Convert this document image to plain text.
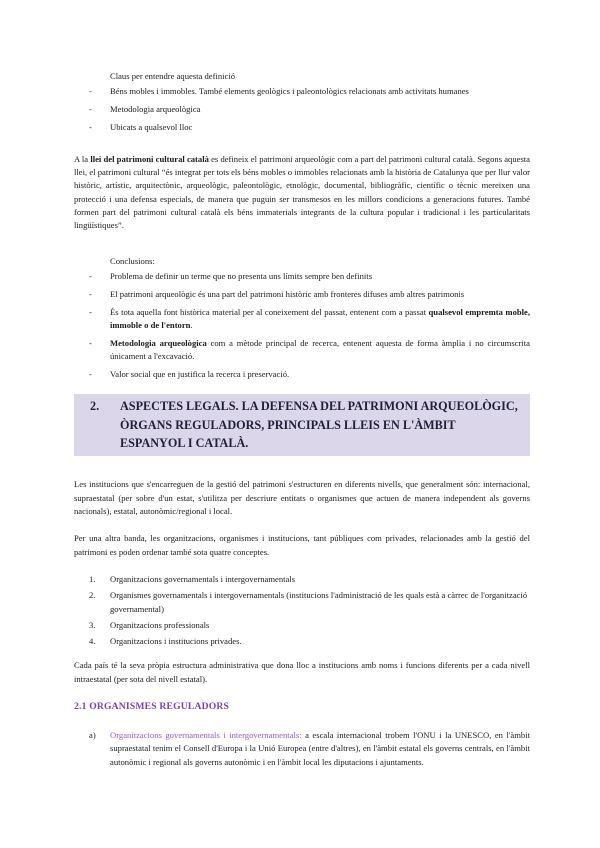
Claus per entendre aquesta definició

- Béns mobles i immobles. També elements geològics i paleontològics relacionats amb activitats humanes
- Metodologia arqueològica
- Ubicats a qualsevol lloc

A la llei del patrimoni cultural català es defineix el patrimoni arqueològic com a part del patrimoni cultural català. Segons aquesta llei, el patrimoni cultural “és integrat per tots els béns mobles o immobles relacionats amb la història de Catalunya que per llur valor històric, artístic, arquitectònic, arqueològic, paleontològic, etnològic, documental, bibliogràfic, científic o tècnic mereixen una protecció i una defensa especials, de manera que puguin ser transmesos en les millors condicions a generacions futures. També formen part del patrimoni cultural català els béns immaterials integrants de la cultura popular i tradicional i les particularitats lingüístiques”.

Conclusions:

- Problema de definir un terme que no presenta uns límits sempre ben definits
- El patrimoni arqueològic és una part del patrimoni històric amb fronteres difuses amb altres patrimonis
- És tota aquella font històrica material per al coneixement del passat, entenent com a passat qualsevol empremta moble, immoble o de l'entorn.
- Metodologia arqueològica com a mètode principal de recerca, entenent aquesta de forma àmplia i no circumscrita únicament a l'excavació.
- Valor social que en justifica la recerca i preservació.
2.	ASPECTES LEGALS. LA DEFENSA DEL PATRIMONI ARQUEOLÒGIC, ÒRGANS REGULADORS, PRINCIPALS LLEIS EN L'ÀMBIT ESPANYOL I CATALÀ.

Les institucions que s'encarreguen de la gestió del patrimoni s'estructuren en diferents nivells, que generalment són: internacional, supraestatal (per sobre d'un estat, s'utilitza per descriure entitats o organismes que actuen de manera independent als governs nacionals), estatal, autonòmic/regional i local.

Per una altra banda, les organitzacions, organismes i institucions, tant públiques com privades, relacionades amb la gestió del patrimoni es poden ordenar també sota quatre conceptes.

1. Organitzacions governamentals i intergovernamentals
2. Organismes governamentals i intergovernamentals (institucions l'administració de les quals està a càrrec de l'organització governamental)
3. Organitzacions professionals
4. Organitzacions i institucions privades.

Cada país té la seva pròpia estructura administrativa que dona lloc a institucions amb noms i funcions diferents per a cada nivell intraestatal (per sota del nivell estatal).

2.1 ORGANISMES REGULADORS

a) Organitzacions governamentals i intergovernamentals: a escala internacional trobem l'ONU i la UNESCO, en l'àmbit supraestatal tenim el Consell d'Europa i la Unió Europea (entre d'altres), en l'àmbit estatal els governs centrals, en l'àmbit autonòmic i regional als governs autonòmic i en l'àmbit local les diputacions i ajuntaments.
